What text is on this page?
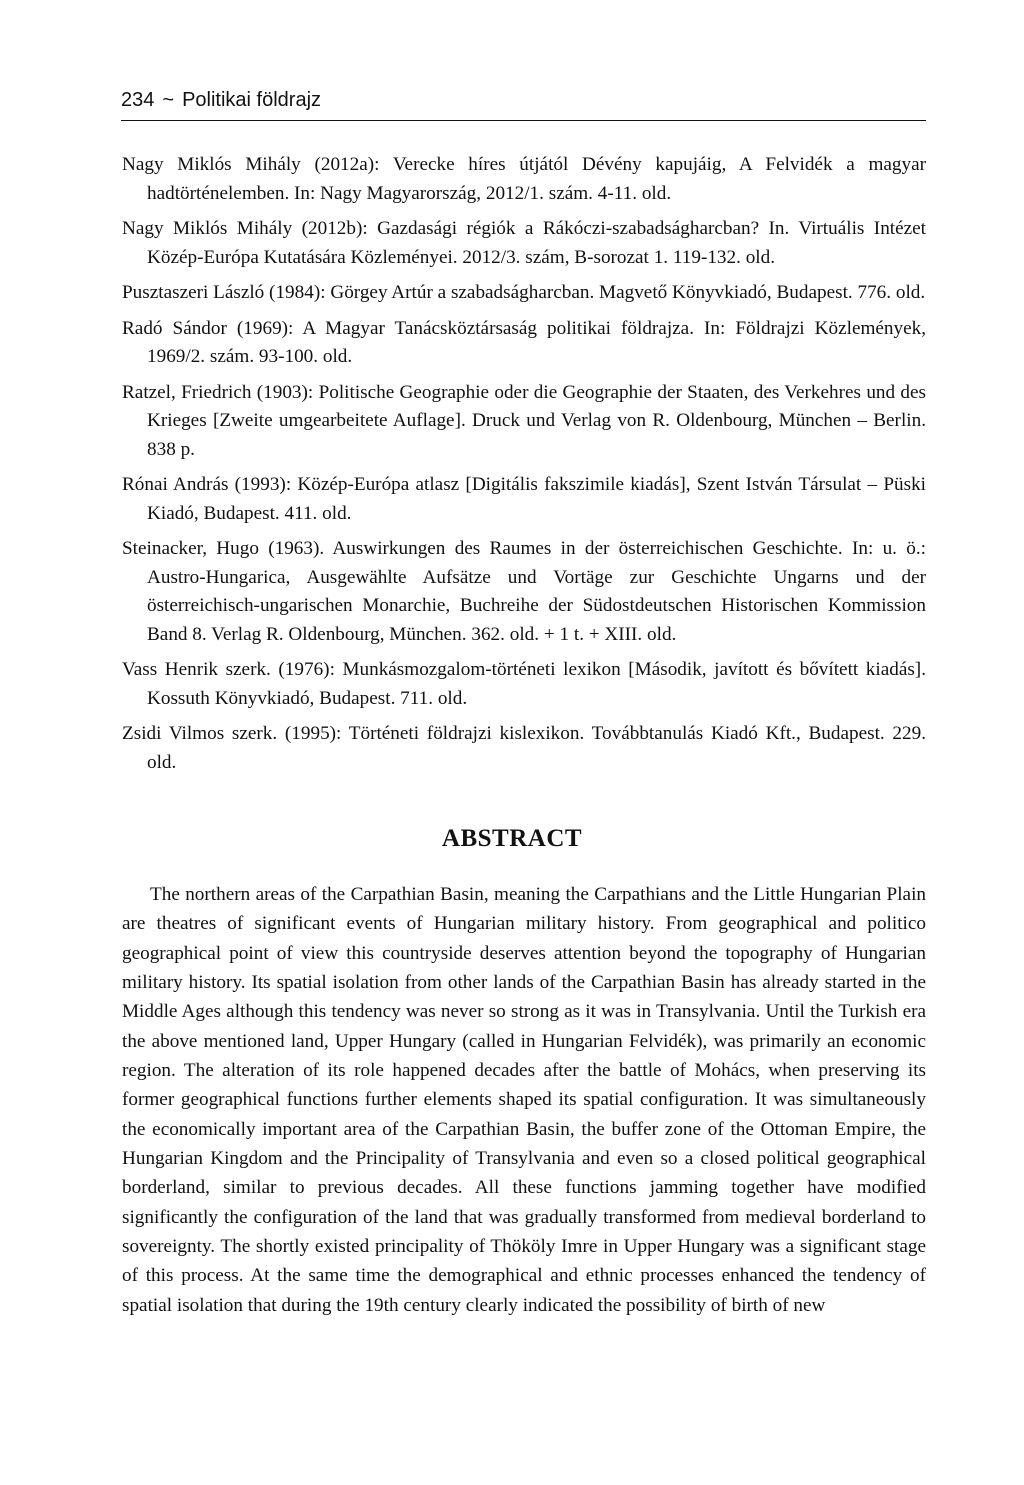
234 ~ Politikai földrajz

Nagy Miklós Mihály (2012a): Verecke híres útjától Dévény kapujáig, A Felvidék a magyar hadtörténelemben. In: Nagy Magyarország, 2012/1. szám. 4-11. old.

Nagy Miklós Mihály (2012b): Gazdasági régiók a Rákóczi-szabadságharcban? In. Virtuális Intézet Közép-Európa Kutatására Közleményei. 2012/3. szám, B-sorozat 1. 119-132. old.

Pusztaszeri László (1984): Görgey Artúr a szabadságharcban. Magvető Könyvkiadó, Budapest. 776. old.

Radó Sándor (1969): A Magyar Tanácsköztársaság politikai földrajza. In: Földrajzi Közlemények, 1969/2. szám. 93-100. old.

Ratzel, Friedrich (1903): Politische Geographie oder die Geographie der Staaten, des Verkehres und des Krieges [Zweite umgearbeitete Auflage]. Druck und Verlag von R. Oldenbourg, München – Berlin. 838 p.

Rónai András (1993): Közép-Európa atlasz [Digitális fakszimile kiadás], Szent István Társulat – Püski Kiadó, Budapest. 411. old.

Steinacker, Hugo (1963). Auswirkungen des Raumes in der österreichischen Geschichte. In: u. ö.: Austro-Hungarica, Ausgewählte Aufsätze und Vortäge zur Geschichte Ungarns und der österreichisch-ungarischen Monarchie, Buchreihe der Südostdeutschen Historischen Kommission Band 8. Verlag R. Oldenbourg, München. 362. old. + 1 t. + XIII. old.

Vass Henrik szerk. (1976): Munkásmozgalom-történeti lexikon [Második, javított és bővített kiadás]. Kossuth Könyvkiadó, Budapest. 711. old.

Zsidi Vilmos szerk. (1995): Történeti földrajzi kislexikon. Továbbtanulás Kiadó Kft., Budapest. 229. old.

ABSTRACT

The northern areas of the Carpathian Basin, meaning the Carpathians and the Little Hungarian Plain are theatres of significant events of Hungarian military history. From geographical and politico geographical point of view this countryside deserves attention beyond the topography of Hungarian military history. Its spatial isolation from other lands of the Carpathian Basin has already started in the Middle Ages although this tendency was never so strong as it was in Transylvania. Until the Turkish era the above mentioned land, Upper Hungary (called in Hungarian Felvidék), was primarily an economic region. The alteration of its role happened decades after the battle of Mohács, when preserving its former geographical functions further elements shaped its spatial configuration. It was simultaneously the economically important area of the Carpathian Basin, the buffer zone of the Ottoman Empire, the Hungarian Kingdom and the Principality of Transylvania and even so a closed political geographical borderland, similar to previous decades. All these functions jamming together have modified significantly the configuration of the land that was gradually transformed from medieval borderland to sovereignty. The shortly existed principality of Thököly Imre in Upper Hungary was a significant stage of this process. At the same time the demographical and ethnic processes enhanced the tendency of spatial isolation that during the 19th century clearly indicated the possibility of birth of new
